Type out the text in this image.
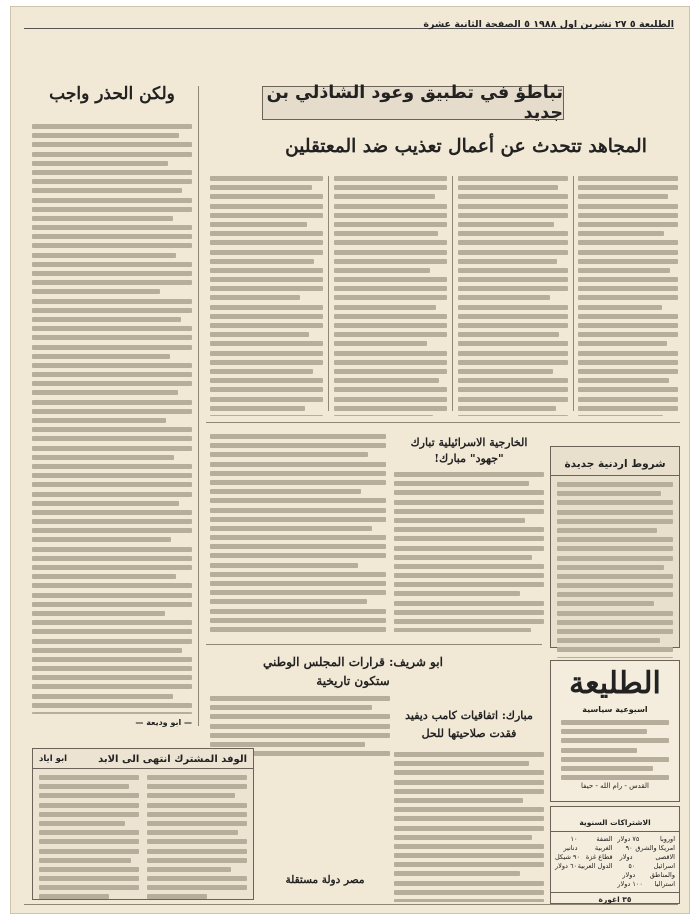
الطليعة ٥ ٢٧ تشرين اول ١٩٨٨ ٥ الصفحة الثانية عشرة
تباطؤ في تطبيق وعود الشاذلي بن جديد
المجاهد تتحدث عن أعمال تعذيب ضد المعتقلين
ولكن الحذر واجب
— ابو وديعة —
الخارجية الاسرائيلية تبارك "جهود" مبارك!	شروط اردنية جديدة
ابو شريف: قرارات المجلس الوطني ستكون تاريخية
مبارك: اتفاقيات كامب ديفيد فقدت صلاحيتها للحل
مصر دولة مستقلة
الوفد المشترك انتهى الى الابد
ابو اياد
الطليعة
اسبوعية سياسية
القدس - رام الله - حيفا
الاشتراكات السنوية
الضفة الغربية
١٠ دنانير
قطاع غزة
٩٠ شيكل
الدول العربية
٦٠ دولار
اوروبا
٧٥ دولار
امريكا والشرق الاقصى
٩٠ دولار
اسرائيل والمناطق
٥٠ دولار
استراليا
١٠٠ دولار
٣٥ اغورة
